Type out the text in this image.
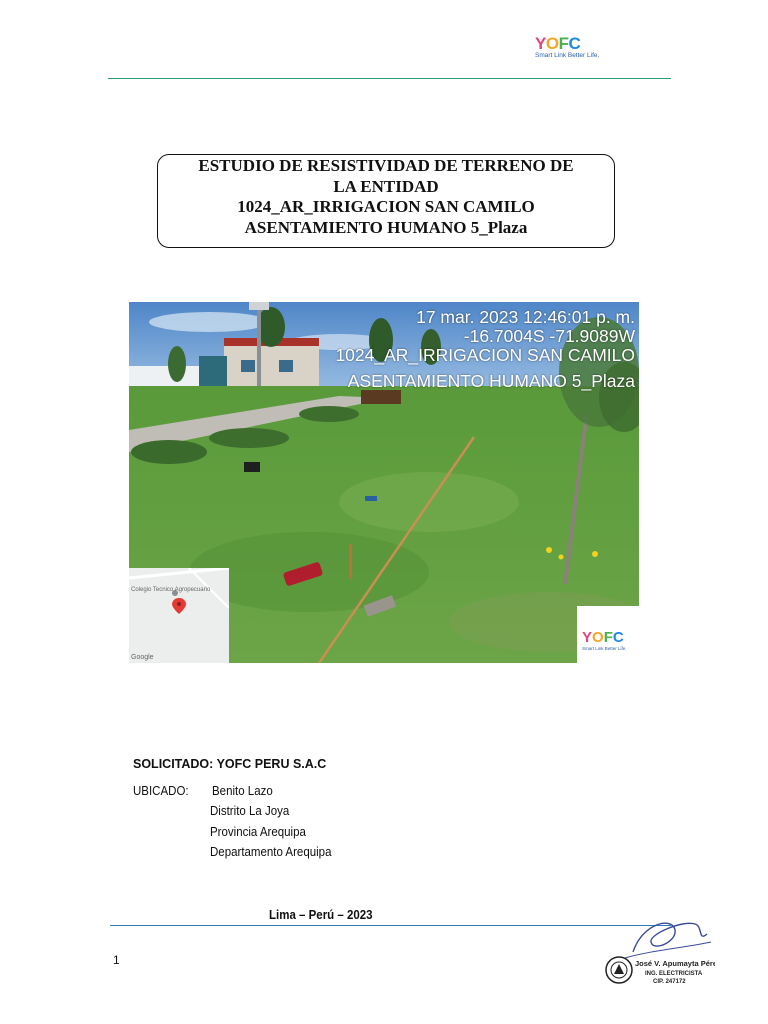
YOFC
Smart Link Better Life.
ESTUDIO DE RESISTIVIDAD DE TERRENO DE
LA ENTIDAD
1024_AR_IRRIGACION SAN CAMILO
ASENTAMIENTO HUMANO 5_Plaza
17 mar. 2023 12:46:01 p. m.
-16.7004S -71.9089W
1024_AR_IRRIGACION SAN CAMILO
ASENTAMIENTO HUMANO 5_Plaza
Colegio Tecnico Agropecuario
Google
YOFC
Smart Link Better Life.
SOLICITADO: YOFC PERU S.A.C
UBICADO: Benito Lazo
Distrito La Joya
Provincia Arequipa
Departamento Arequipa
Lima – Perú – 2023
1	José V. Apumayta Pérez
ING. ELECTRICISTA
CIP. 247172
